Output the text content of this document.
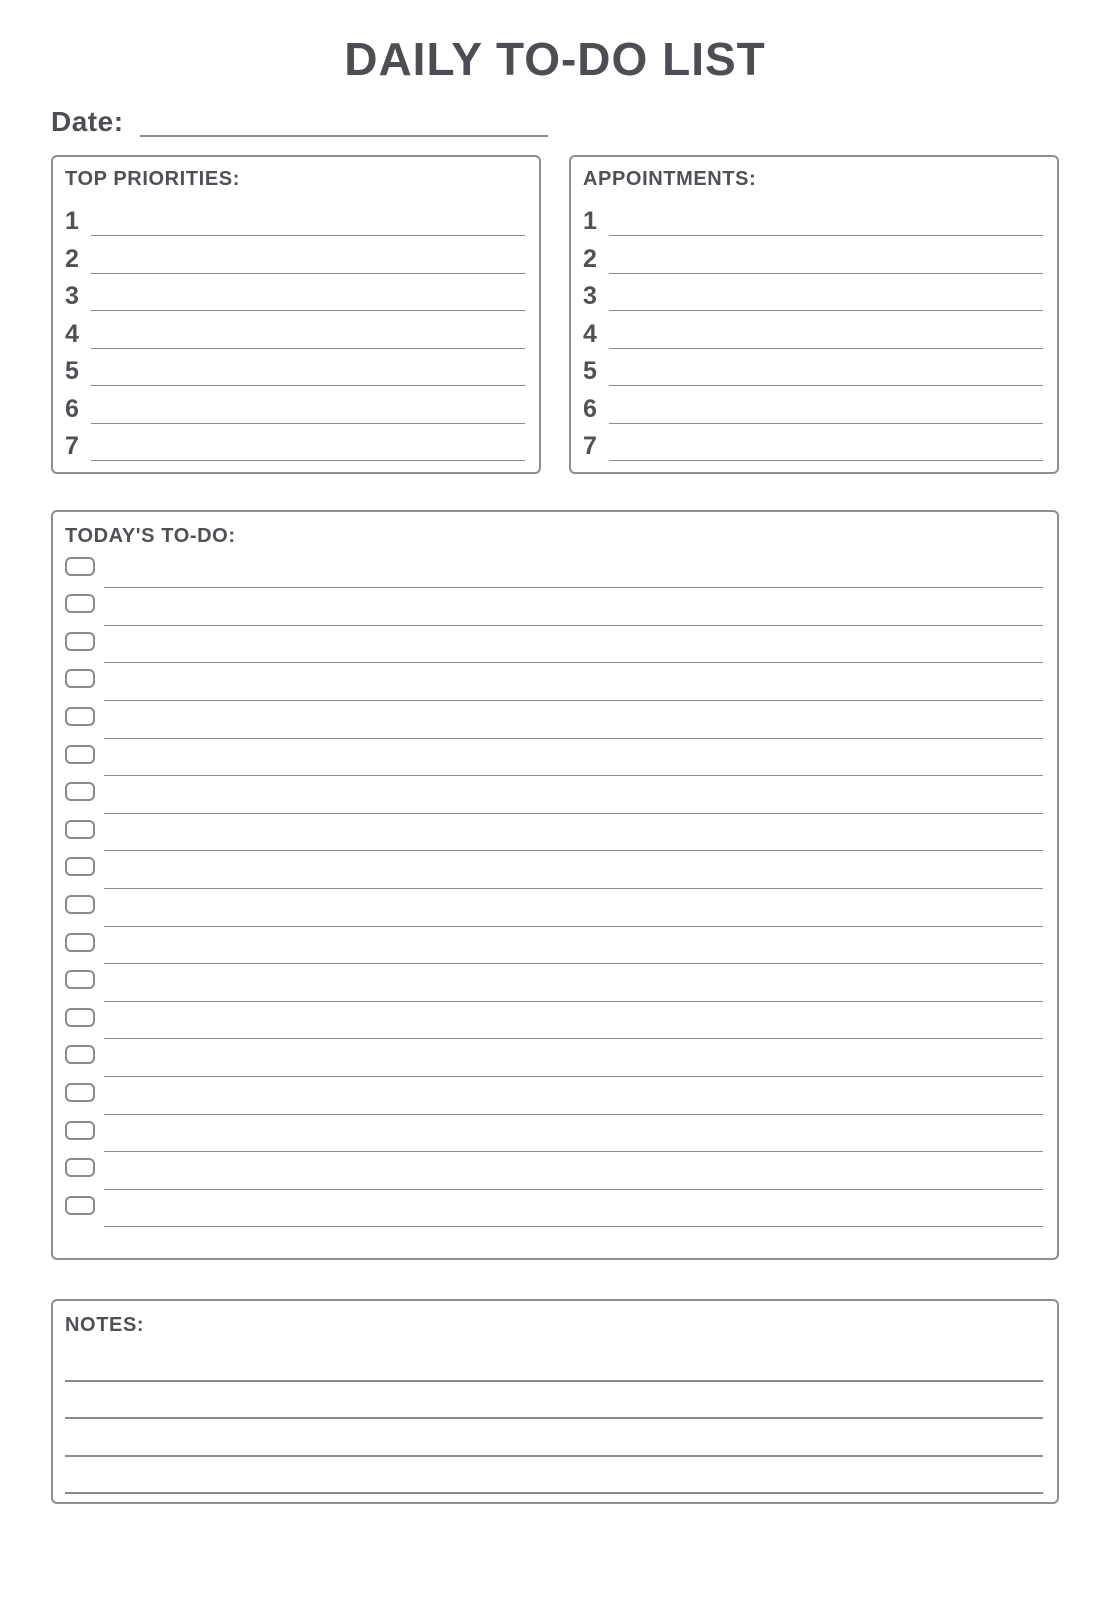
DAILY TO-DO LIST
Date:
TOP PRIORITIES:
1
2
3
4
5
6
7
APPOINTMENTS:
1
2
3
4
5
6
7
TODAY'S TO-DO:
NOTES:
